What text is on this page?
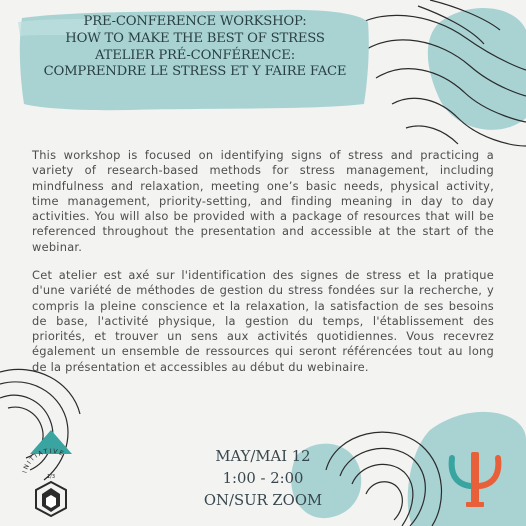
PRE-CONFERENCE WORKSHOP:
HOW TO MAKE THE BEST OF STRESS
ATELIER PRÉ-CONFÉRENCE:
COMPRENDRE LE STRESS ET Y FAIRE FACE

This workshop is focused on identifying signs of stress and practicing a variety of research-based methods for stress management, including mindfulness and relaxation, meeting one’s basic needs, physical activity, time management, priority-setting, and finding meaning in day to day activities. You will also be provided with a package of resources that will be referenced throughout the presentation and accessible at the start of the webinar.

Cet atelier est axé sur l'identification des signes de stress et la pratique d'une variété de méthodes de gestion du stress fondées sur la recherche, y compris la pleine conscience et la relaxation, la satisfaction de ses besoins de base, l'activité physique, la gestion du temps, l'établissement des priorités, et trouver un sens aux activités quotidiennes. Vous recevrez également un ensemble de ressources qui seront référencées tout au long de la présentation et accessibles au début du webinaire.

MAY/MAI 12
1:00 - 2:00
ON/SUR ZOOM
INITIATIVE
1/3
